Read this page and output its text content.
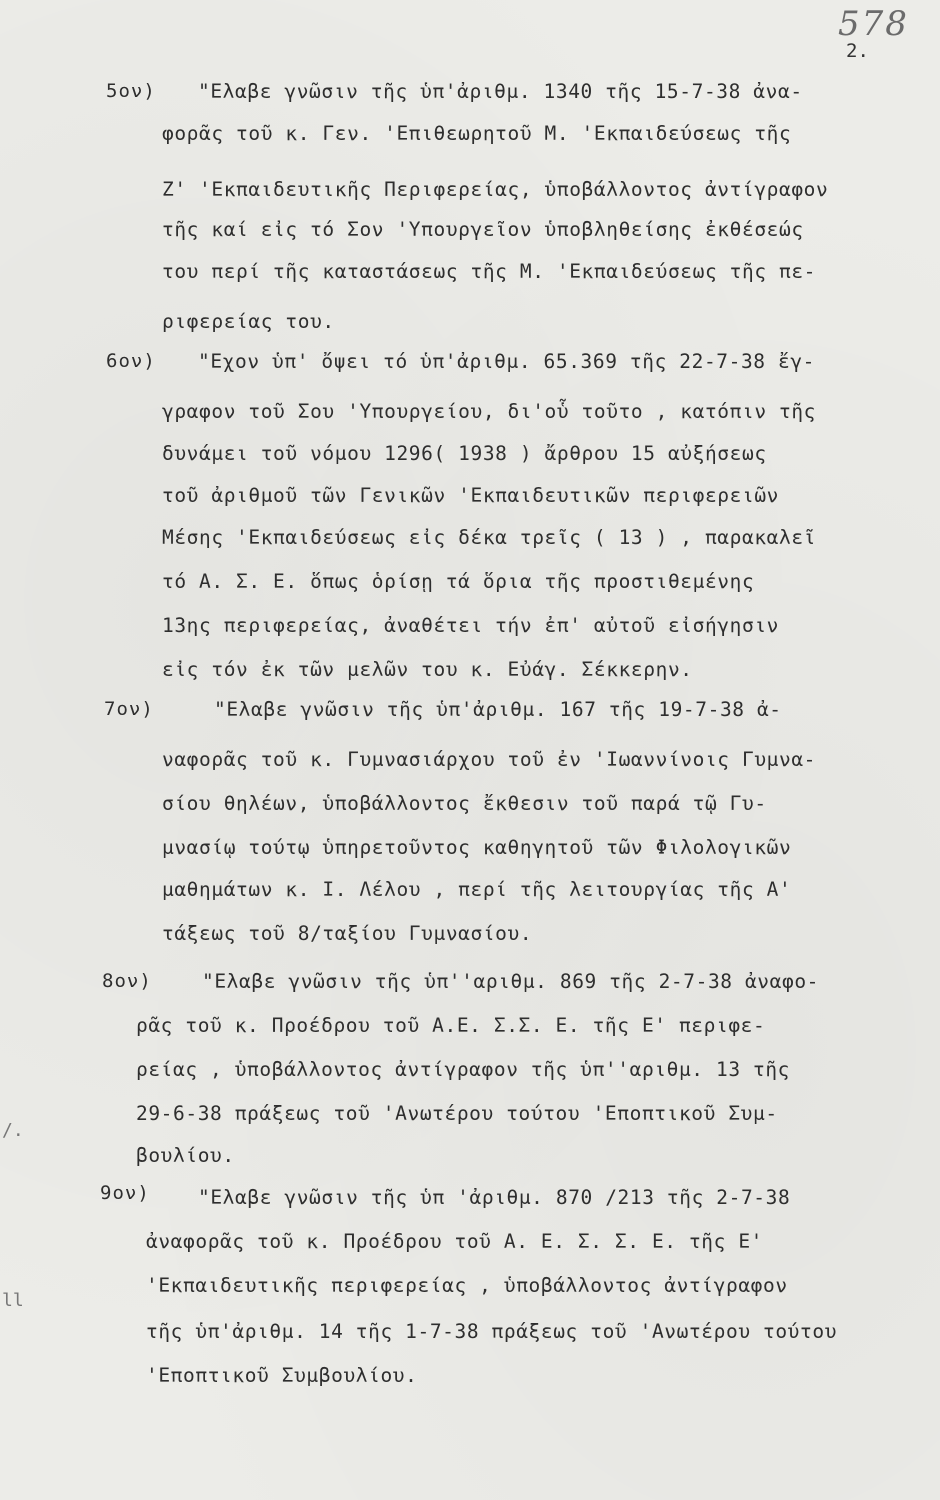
578
2.
5ον) "Ελαβε γνῶσιν τῆς ὑπ'ἀριθμ. 1340 τῆς 15-7-38 ἀνα-
φορᾶς τοῦ κ. Γεν. 'Επιθεωρητοῦ Μ. 'Εκπαιδεύσεως τῆς
Ζ' 'Εκπαιδευτικῆς Περιφερείας, ὑποβάλλοντος ἀντίγραφον
τῆς καί εἰς τό Σον 'Υπουργεῖον ὑποβληθείσης ἐκθέσεώς
του περί τῆς καταστάσεως τῆς Μ. 'Εκπαιδεύσεως τῆς πε-
ριφερείας του.
6ον) "Εχον ὑπ' ὄψει τό ὑπ'ἀριθμ. 65.369 τῆς 22-7-38 ἔγ-
γραφον τοῦ Σου 'Υπουργείου, δι'οὗ τοῦτο , κατόπιν τῆς
δυνάμει τοῦ νόμου 1296( 1938 ) ἄρθρου 15 αὐξήσεως
τοῦ ἀριθμοῦ τῶν Γενικῶν 'Εκπαιδευτικῶν περιφερειῶν
Μέσης 'Εκπαιδεύσεως εἰς δέκα τρεῖς ( 13 ) , παρακαλεῖ
τό Α. Σ. Ε. ὅπως ὁρίσῃ τά ὅρια τῆς προστιθεμένης
13ης περιφερείας, ἀναθέτει τήν ἐπ' αὐτοῦ εἰσήγησιν
εἰς τόν ἐκ τῶν μελῶν του κ. Εὐάγ. Σέκκερην.
7ον)	"Ελαβε γνῶσιν τῆς ὑπ'ἀριθμ. 167 τῆς 19-7-38 ἀ-
ναφορᾶς τοῦ κ. Γυμνασιάρχου τοῦ ἐν 'Ιωαννίνοις Γυμνα-
σίου θηλέων, ὑποβάλλοντος ἔκθεσιν τοῦ παρά τῷ Γυ-
μνασίῳ τούτῳ ὑπηρετοῦντος καθηγητοῦ τῶν Φιλολογικῶν
μαθημάτων κ. Ι. Λέλου , περί τῆς λειτουργίας τῆς Α'
τάξεως τοῦ 8/ταξίου Γυμνασίου.
8ον)	"Ελαβε γνῶσιν τῆς ὑπ''αριθμ. 869 τῆς 2-7-38 ἀναφο-
ρᾶς τοῦ κ. Προέδρου τοῦ Α.Ε. Σ.Σ. Ε. τῆς Ε' περιφε-
ρείας , ὑποβάλλοντος ἀντίγραφον τῆς ὑπ''αριθμ. 13 τῆς
29-6-38 πράξεως τοῦ 'Ανωτέρου τούτου 'Εποπτικοῦ Συμ-
βουλίου.
9ον) "Ελαβε γνῶσιν τῆς ὑπ 'ἀριθμ. 870 /213 τῆς 2-7-38
ἀναφορᾶς τοῦ κ. Προέδρου τοῦ Α. Ε. Σ. Σ. Ε. τῆς Ε'
'Εκπαιδευτικῆς περιφερείας , ὑποβάλλοντος ἀντίγραφον
τῆς ὑπ'ἀριθμ. 14 τῆς 1-7-38 πράξεως τοῦ 'Ανωτέρου τούτου
'Εποπτικοῦ Συμβουλίου.
/.
ll
